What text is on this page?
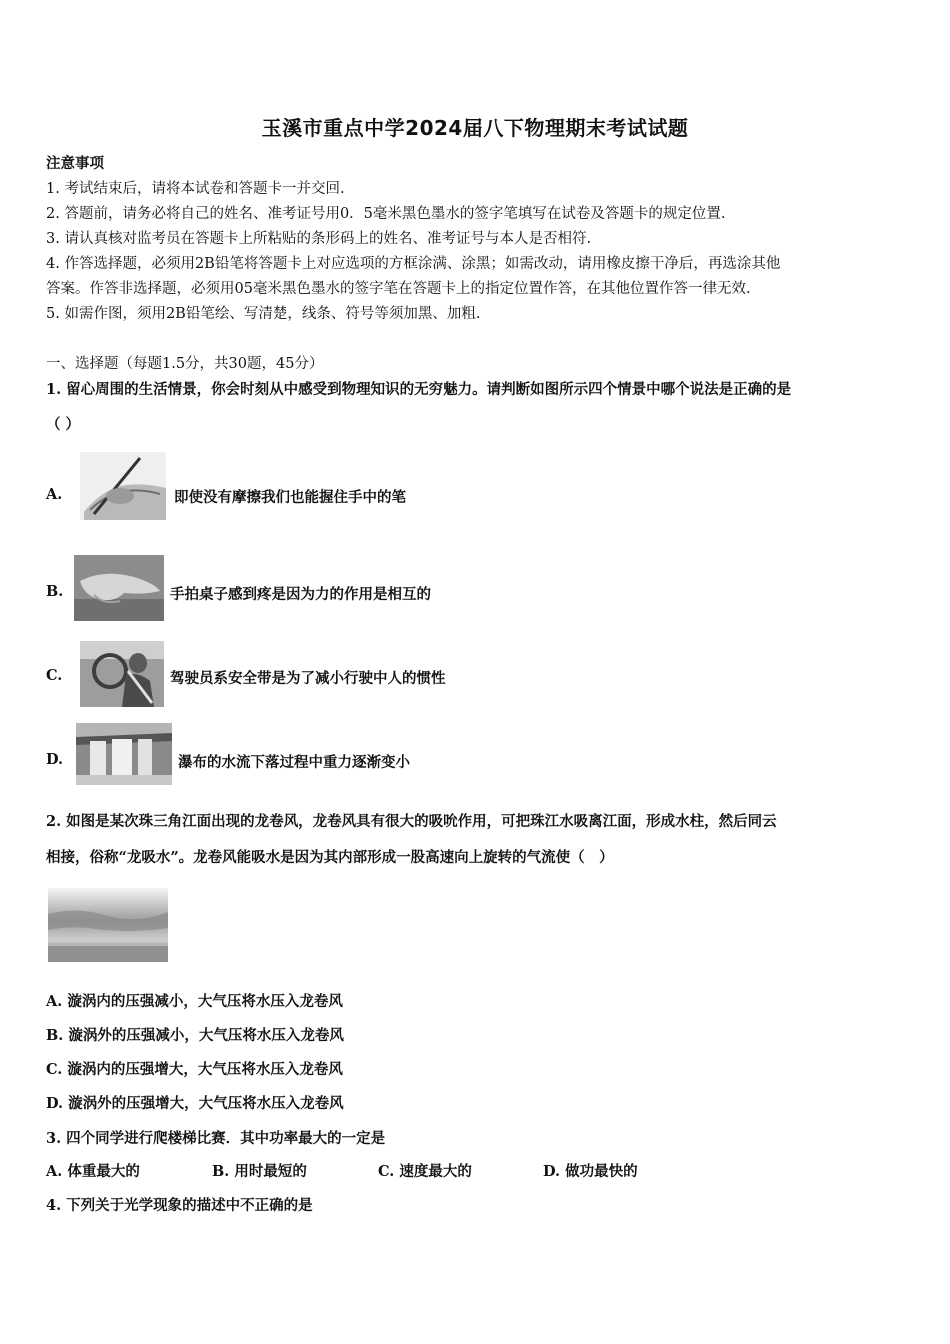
玉溪市重点中学2024届八下物理期末考试试题
注意事项
1. 考试结束后，请将本试卷和答题卡一并交回.
2. 答题前，请务必将自己的姓名、准考证号用0．5毫米黑色墨水的签字笔填写在试卷及答题卡的规定位置.
3. 请认真核对监考员在答题卡上所粘贴的条形码上的姓名、准考证号与本人是否相符.
4. 作答选择题，必须用2B铅笔将答题卡上对应选项的方框涂满、涂黑；如需改动，请用橡皮擦干净后，再选涂其他
答案。作答非选择题，必须用05毫米黑色墨水的签字笔在答题卡上的指定位置作答，在其他位置作答一律无效.
5. 如需作图，须用2B铅笔绘、写清楚，线条、符号等须加黑、加粗.
一、选择题（每题1.5分，共30题，45分）
1. 留心周围的生活情景，你会时刻从中感受到物理知识的无穷魅力。请判断如图所示四个情景中哪个说法是正确的是
（ ）
A.	即使没有摩擦我们也能握住手中的笔
B.	手拍桌子感到疼是因为力的作用是相互的
C.	驾驶员系安全带是为了减小行驶中人的惯性
D.	瀑布的水流下落过程中重力逐渐变小
2. 如图是某次珠三角江面出现的龙卷风，龙卷风具有很大的吸吮作用，可把珠江水吸离江面，形成水柱，然后同云
相接，俗称“龙吸水”。龙卷风能吸水是因为其内部形成一股高速向上旋转的气流使（　）
A. 漩涡内的压强减小，大气压将水压入龙卷风
B. 漩涡外的压强减小，大气压将水压入龙卷风
C. 漩涡内的压强增大，大气压将水压入龙卷风
D. 漩涡外的压强增大，大气压将水压入龙卷风
3. 四个同学进行爬楼梯比赛．其中功率最大的一定是
A. 体重最大的	B. 用时最短的	C. 速度最大的	D. 做功最快的
4. 下列关于光学现象的描述中不正确的是
